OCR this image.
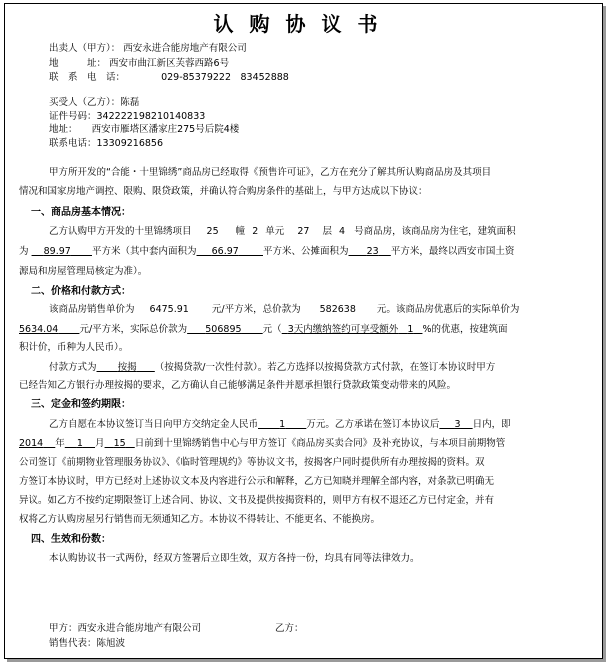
认购协议书
出卖人（甲方）： 西安永进合能房地产有限公司
地　　　址： 西安市曲江新区芙蓉西路6号
联　系　电　话：	029-85379222　83452888
买受人（乙方）：陈磊
证件号码：342222198210140833
地址： 西安市雁塔区潘家庄275号后院4楼
联系电话：13309216856
甲方所开发的“合能・十里锦绣”商品房已经取得《预售许可证》，乙方在充分了解其所认购商品房及其项目
情况和国家房地产调控、限购、限贷政策，并确认符合购房条件的基础上，与甲方达成以下协议：
一、商品房基本情况：
乙方认购甲方开发的十里锦绣项目 25 幢 2 单元 27 层 4 号商品房，该商品房为住宅，建筑面积
为 89.97 平方米（其中套内面积为 66.97	平方米、公摊面积为 23 平方米，最终以西安市国土资
源局和房屋管理局核定为准）。
二、价格和付款方式：
该商品房销售单价为 6475.91 元/平方米，总价款为 582638 元。该商品房优惠后的实际单价为
5634.04 元/平方米，实际总价款为 506895 元（ 3天内缴纳签约可享受额外 1 %的优惠，按建筑面
积计价，币种为人民币）。
付款方式为 按揭 （按揭贷款/一次性付款）。若乙方选择以按揭贷款方式付款，在签订本协议时甲方
已经告知乙方银行办理按揭的要求，乙方确认自己能够满足条件并愿承担银行贷款政策变动带来的风险。
三、定金和签约期限：
乙方自愿在本协议签订当日向甲方交纳定金人民币 1 万元。乙方承诺在签订本协议后 3 日内，即
2014 年 1 月 15 日前到十里锦绣销售中心与甲方签订《商品房买卖合同》及补充协议，与本项目前期物管
公司签订《前期物业管理服务协议》、《临时管理规约》等协议文书，按揭客户同时提供所有办理按揭的资料。双
方签订本协议时，甲方已经对上述协议文本及内容进行公示和解释，乙方已知晓并理解全部内容，对条款已明确无
异议。如乙方不按约定期限签订上述合同、协议、文书及提供按揭资料的，则甲方有权不退还乙方已付定金，并有
权将乙方认购房屋另行销售而无须通知乙方。本协议不得转让、不能更名、不能换房。
四、生效和份数：
本认购协议书一式两份，经双方签署后立即生效，双方各持一份，均具有同等法律效力。
甲方：西安永进合能房地产有限公司	乙方：
销售代表：陈旭波
